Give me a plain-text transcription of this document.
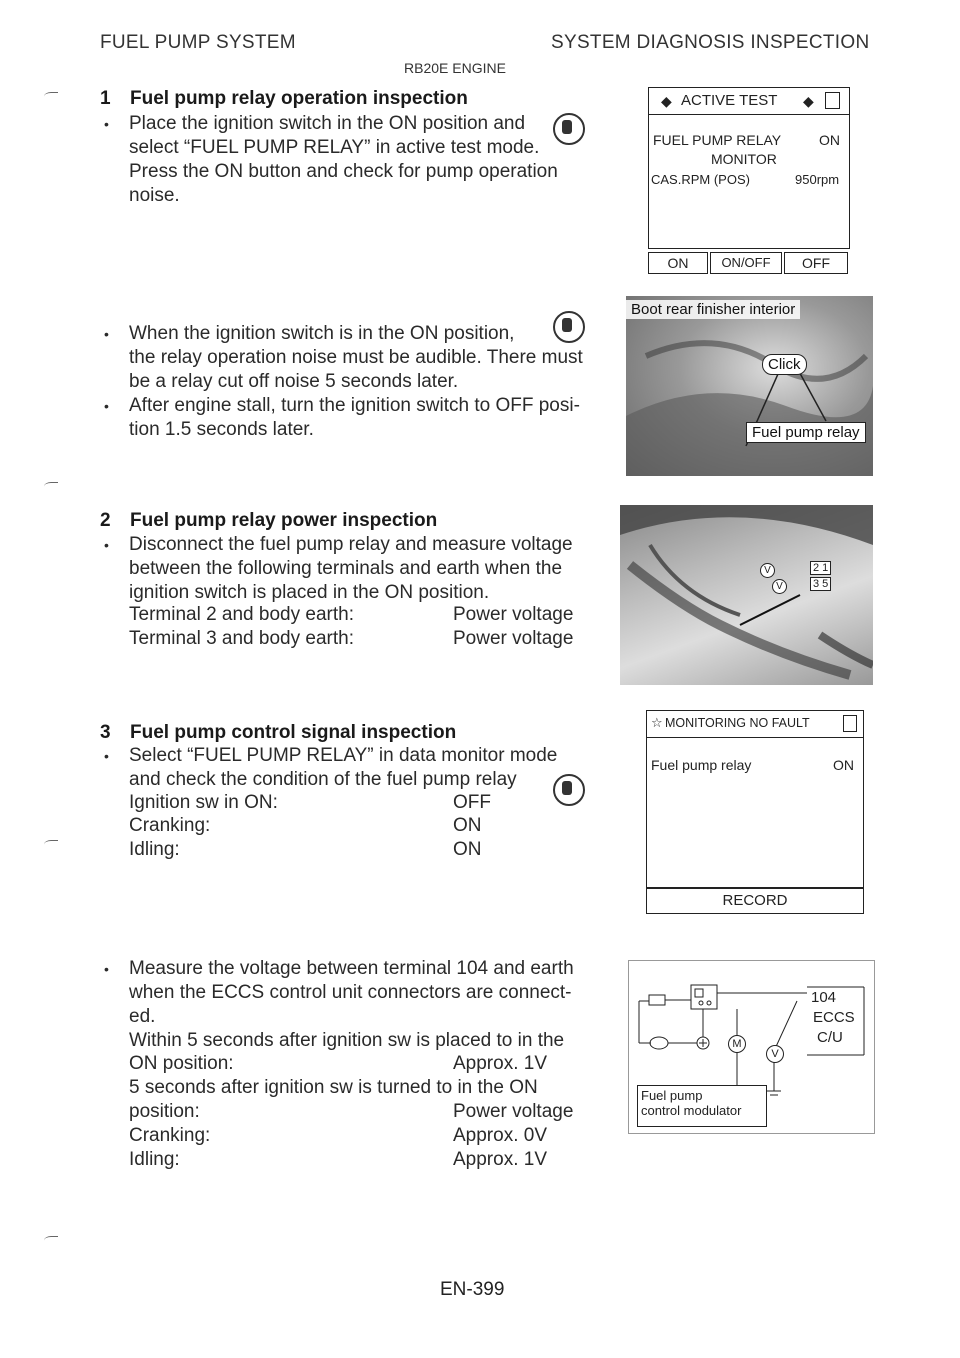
FUEL PUMP SYSTEM	SYSTEM DIAGNOSIS INSPECTION
RB20E ENGINE
1 Fuel pump relay operation inspection
• Place the ignition switch in the ON position and
select “FUEL PUMP RELAY” in active test mode.
Press the ON button and check for pump operation
noise.
• When the ignition switch is in the ON position,
the relay operation noise must be audible. There must
be a relay cut off noise 5 seconds later.
• After engine stall, turn the ignition switch to OFF posi-
tion 1.5 seconds later.
◆ ACTIVE TEST ◆
FUEL PUMP RELAY	ON
MONITOR
CAS.RPM (POS)	950rpm
ON	ON/OFF	OFF
Boot rear finisher interior
Click
Fuel pump relay
2 Fuel pump relay power inspection
• Disconnect the fuel pump relay and measure voltage
between the following terminals and earth when the
ignition switch is placed in the ON position.
Terminal 2 and body earth:	Power voltage
Terminal 3 and body earth:	Power voltage
V	2 1
V	3 5
3 Fuel pump control signal inspection
• Select “FUEL PUMP RELAY” in data monitor mode
and check the condition of the fuel pump relay
Ignition sw in ON:	OFF
Cranking:	ON
Idling:	ON
• Measure the voltage between terminal 104 and earth
when the ECCS control unit connectors are connect-
ed.
Within 5 seconds after ignition sw is placed to in the
ON position:	Approx. 1V
5 seconds after ignition sw is turned to in the ON
position:	Power voltage
Cranking:	Approx. 0V
Idling:	Approx. 1V
☆ MONITORING NO FAULT
Fuel pump relay	ON
RECORD
M
V
104
ECCS
C/U
Fuel pump
control modulator
EN-399
